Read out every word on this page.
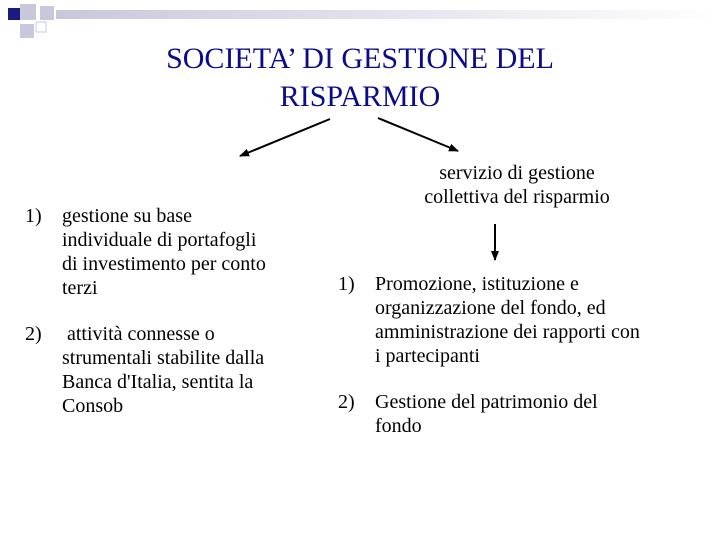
SOCIETA’ DI GESTIONE DEL
RISPARMIO
1) gestione su base
individuale di portafogli
di investimento per conto
terzi
2) attività connesse o
strumentali stabilite dalla
Banca d'Italia, sentita la
Consob
servizio di gestione
collettiva del risparmio
1) Promozione, istituzione e
organizzazione del fondo, ed
amministrazione dei rapporti con
i partecipanti
2) Gestione del patrimonio del
fondo
